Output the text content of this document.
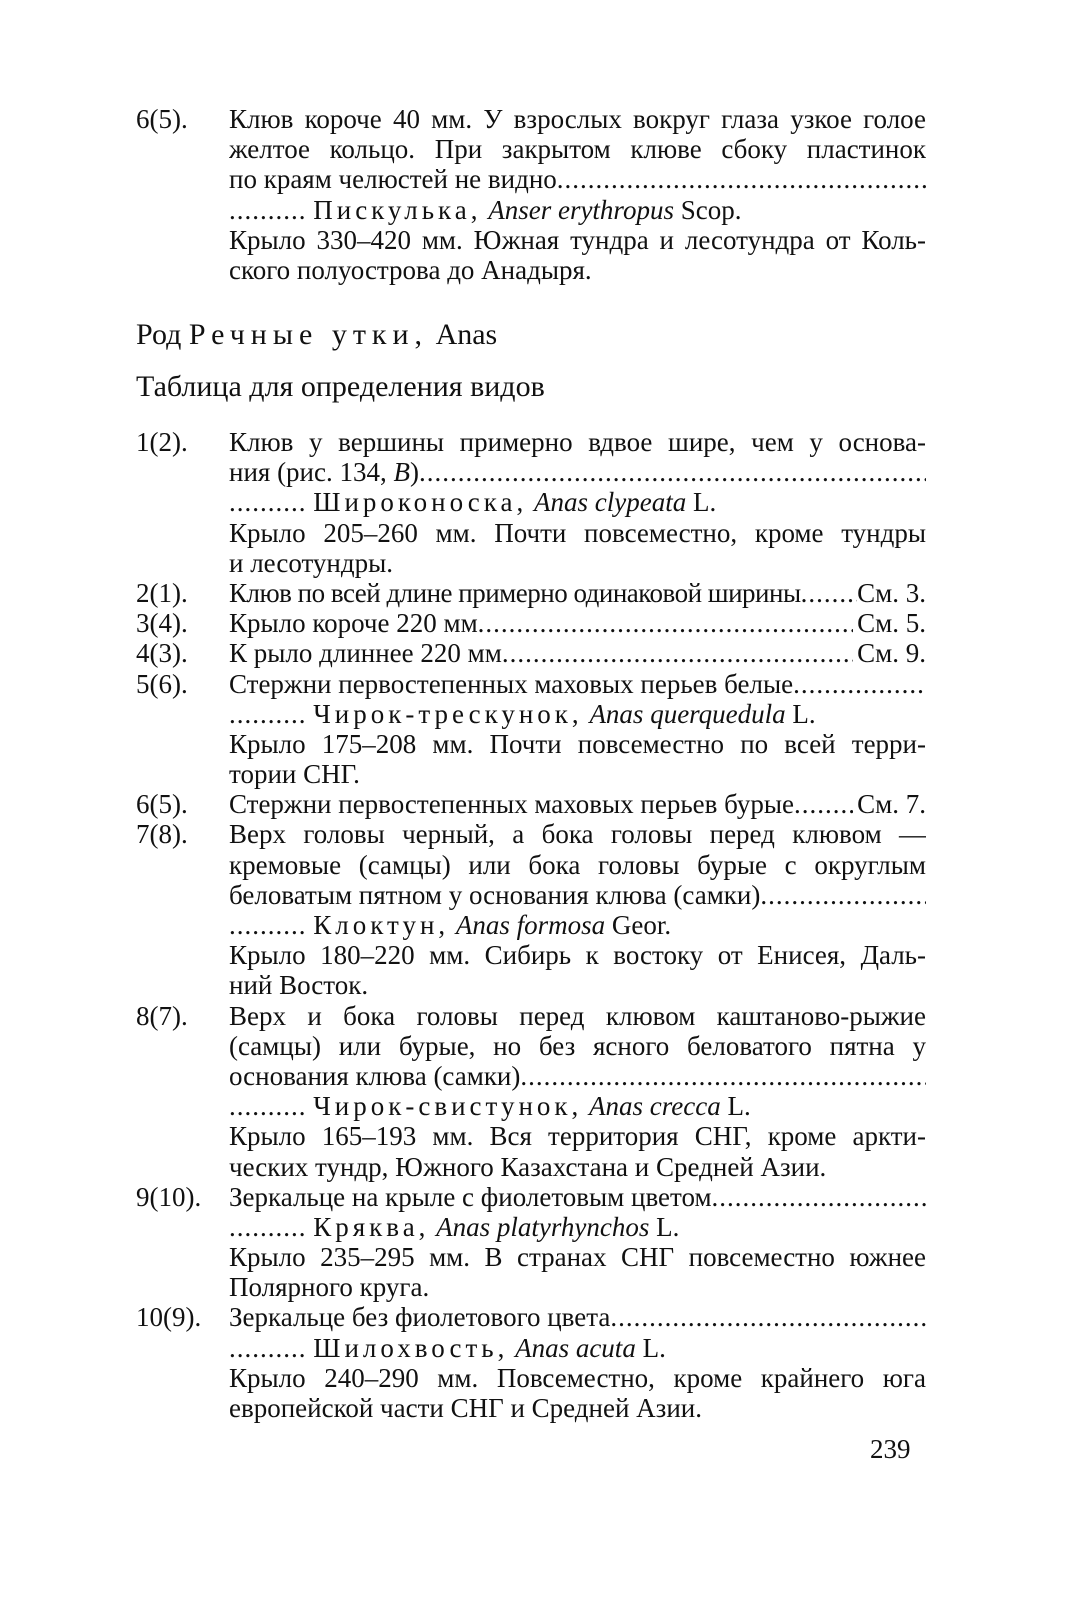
6(5). Клюв короче 40 мм. У взрослых вокруг глаза узкое голое
желтое кольцо. При закрытом клюве сбоку пластинок
по краям челюстей не видно
.....
.......... Пискулька, Anser erythropus Scop.
Крыло 330–420 мм. Южная тундра и лесотундра от Коль-
ского полуострова до Анадыря.
Род Речные утки, Anas
Таблица для определения видов
1(2). Клюв у вершины примерно вдвое шире, чем у основа-
ния (рис. 134, В)
.....
.......... Широконоска, Anas clypeata L.
Крыло 205–260 мм. Почти повсеместно, кроме тундры
и лесотундры.
2(1). Клюв по всей длине примерно одинаковой ширины ..... См. 3.
3(4). Крыло короче 220 мм .....	См. 5.
4(3). К рыло длиннее 220 мм .....	См. 9.
5(6). Стержни первостепенных маховых перьев белые
.....
.......... Чирок-трескунок, Anas querquedula L.
Крыло 175–208 мм. Почти повсеместно по всей терри-
тории СНГ.
6(5). Стержни первостепенных маховых перьев бурые ..... См. 7.
7(8). Верх головы черный, а бока головы перед клювом —
кремовые (самцы) или бока головы бурые с округлым
беловатым пятном у основания клюва (самки)
.....
.......... Клоктун, Anas formosa Geor.
Крыло 180–220 мм. Сибирь к востоку от Енисея, Даль-
ний Восток.
8(7). Верх и бока головы перед клювом каштаново-рыжие
(самцы) или бурые, но без ясного беловатого пятна у
основания клюва (самки)
.....
.......... Чирок-свистунок, Anas crecca L.
Крыло 165–193 мм. Вся территория СНГ, кроме аркти-
ческих тундр, Южного Казахстана и Средней Азии.
9(10). Зеркальце на крыле с фиолетовым цветом
.....
.......... Кряква, Anas platyrhynchos L.
Крыло 235–295 мм. В странах СНГ повсеместно южнее
Полярного круга.
10(9). Зеркальце без фиолетового цвета
.....
.......... Шилохвость, Anas acuta L.
Крыло 240–290 мм. Повсеместно, кроме крайнего юга
европейской части СНГ и Средней Азии.
239
